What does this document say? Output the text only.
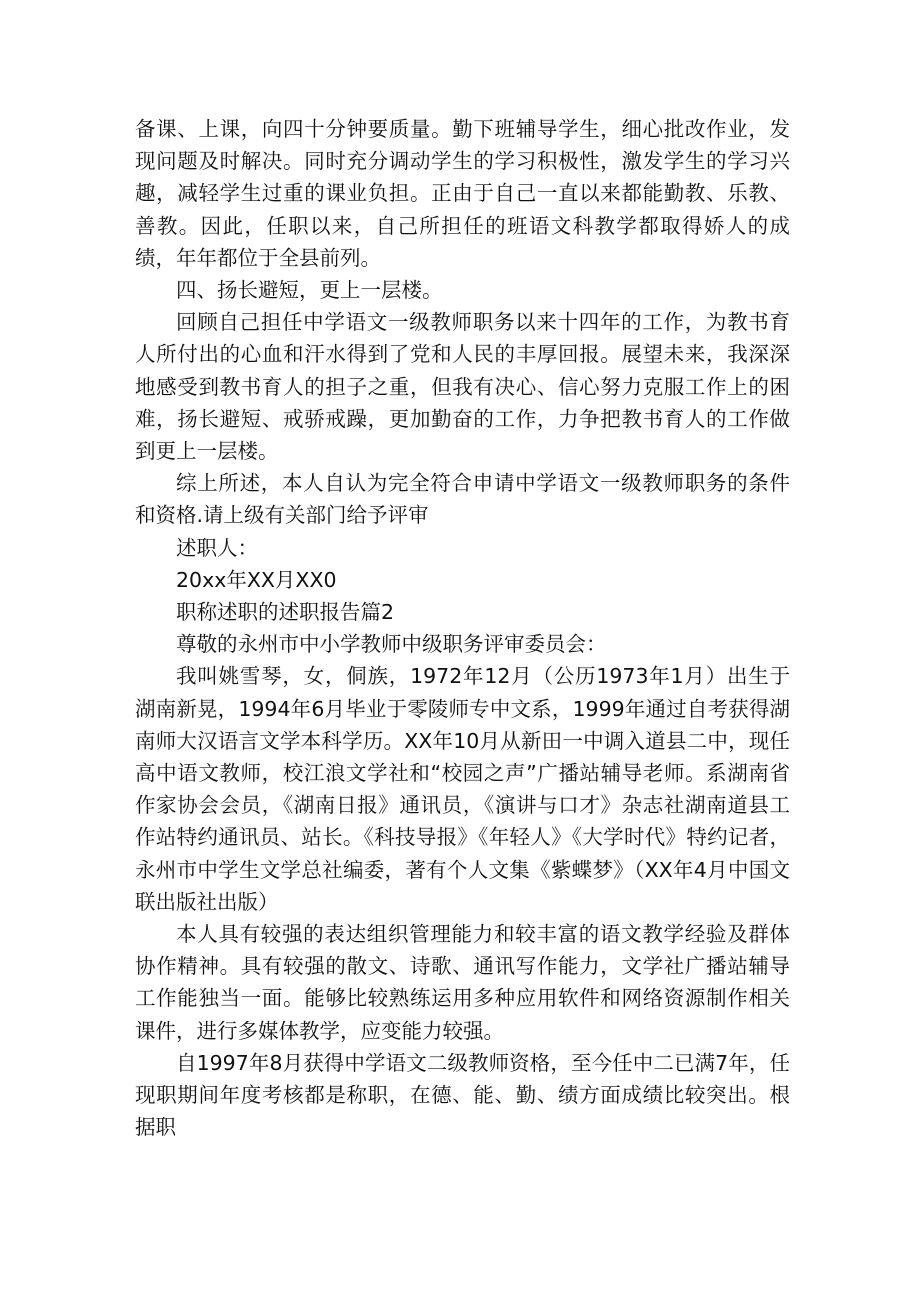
备课、上课，向四十分钟要质量。勤下班辅导学生，细心批改作业，发现问题及时解决。同时充分调动学生的学习积极性，激发学生的学习兴趣，减轻学生过重的课业负担。正由于自己一直以来都能勤教、乐教、善教。因此，任职以来，自己所担任的班语文科教学都取得娇人的成绩，年年都位于全县前列。

四、扬长避短，更上一层楼。

回顾自己担任中学语文一级教师职务以来十四年的工作，为教书育人所付出的心血和汗水得到了党和人民的丰厚回报。展望未来，我深深地感受到教书育人的担子之重，但我有决心、信心努力克服工作上的困难，扬长避短、戒骄戒躁，更加勤奋的工作，力争把教书育人的工作做到更上一层楼。

综上所述，本人自认为完全符合申请中学语文一级教师职务的条件和资格.请上级有关部门给予评审

述职人：

20xx年XX月XX0

职称述职的述职报告篇2

尊敬的永州市中小学教师中级职务评审委员会：

我叫姚雪琴，女，侗族，1972年12月（公历1973年1月）出生于湖南新晃，1994年6月毕业于零陵师专中文系，1999年通过自考获得湖南师大汉语言文学本科学历。XX年10月从新田一中调入道县二中，现任高中语文教师，校江浪文学社和“校园之声”广播站辅导老师。系湖南省作家协会会员，《湖南日报》通讯员，《演讲与口才》杂志社湖南道县工作站特约通讯员、站长。《科技导报》《年轻人》《大学时代》特约记者，永州市中学生文学总社编委，著有个人文集《紫蝶梦》（XX年4月中国文联出版社出版）

本人具有较强的表达组织管理能力和较丰富的语文教学经验及群体协作精神。具有较强的散文、诗歌、通讯写作能力，文学社广播站辅导工作能独当一面。能够比较熟练运用多种应用软件和网络资源制作相关课件，进行多媒体教学，应变能力较强。

自1997年8月获得中学语文二级教师资格，至今任中二已满7年，任现职期间年度考核都是称职，在德、能、勤、绩方面成绩比较突出。根据职
